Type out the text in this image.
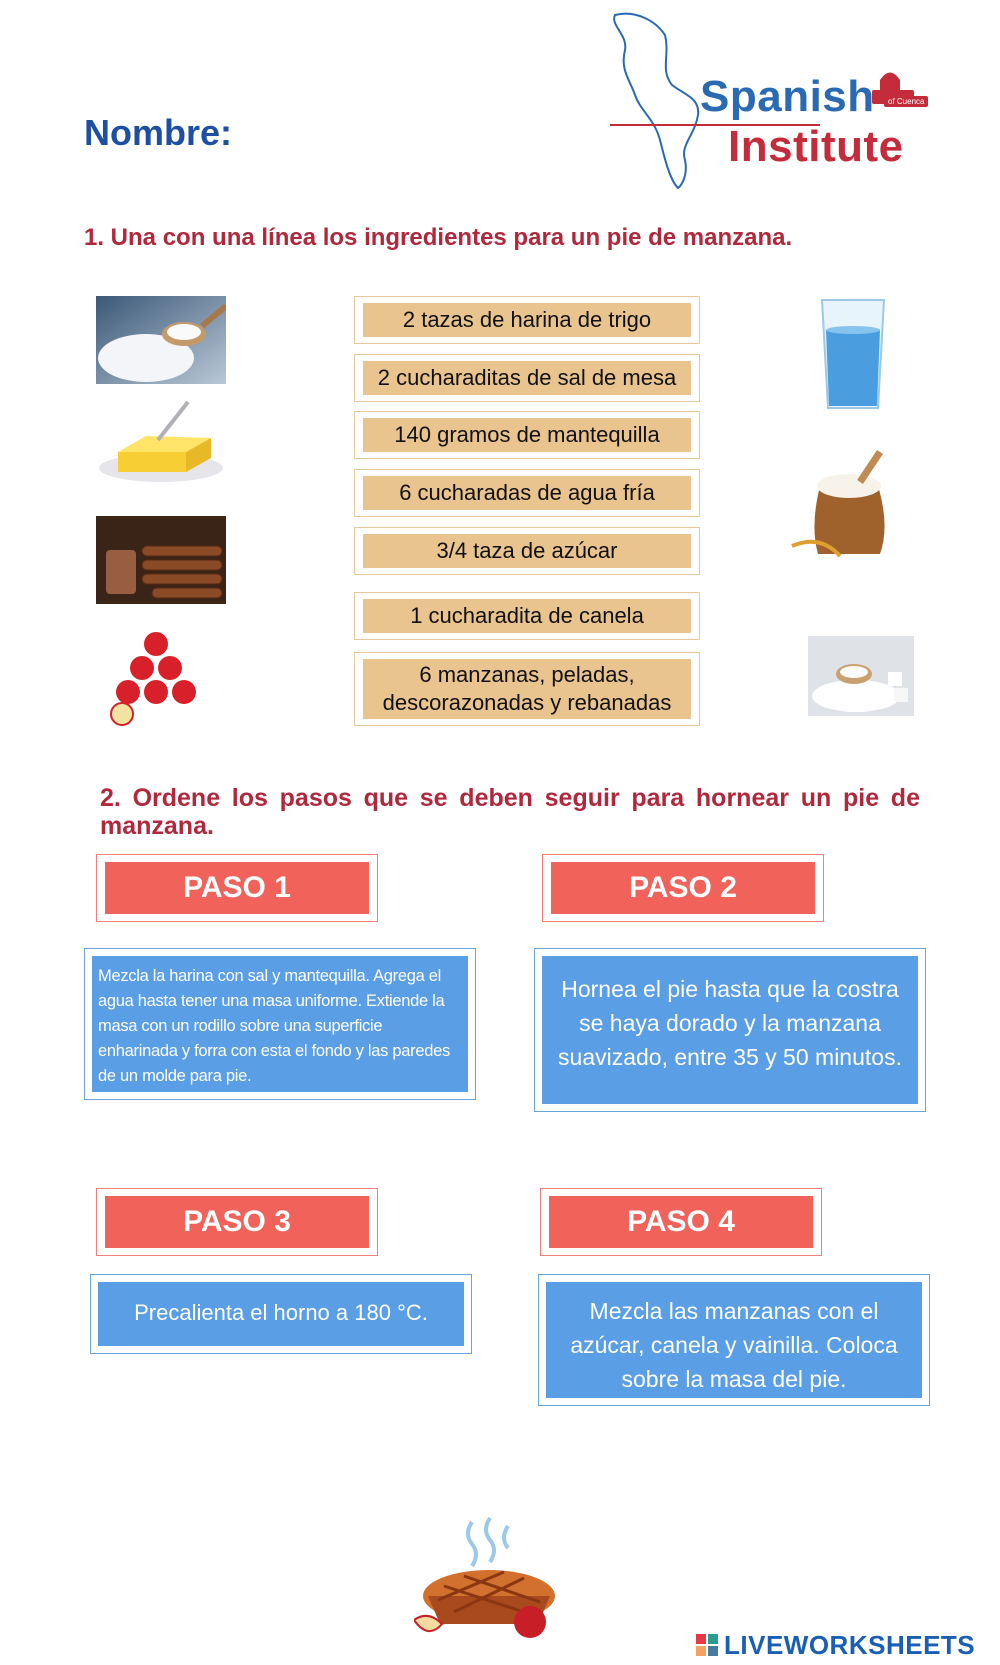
Nombre:
Spanish
Institute
of Cuenca
1. Una con una línea los ingredientes para un pie de manzana.
2 tazas de harina de trigo
2 cucharaditas de sal de mesa
140 gramos de mantequilla
6 cucharadas de agua fría
3/4 taza de azúcar
1 cucharadita de canela
6 manzanas, peladas,
descorazonadas y rebanadas
2. Ordene los pasos que se deben seguir para hornear un pie de manzana.
PASO 1	PASO 2
Mezcla la harina con sal y mantequilla. Agrega el agua hasta tener una masa uniforme. Extiende la masa con un rodillo sobre una superficie enharinada y forra con esta el fondo y las paredes de un molde para pie.
Hornea el pie hasta que la costra se haya dorado y la manzana suavizado, entre 35 y 50 minutos.
PASO 3	PASO 4
Precalienta el horno a 180 °C.	Mezcla las manzanas con el azúcar, canela y vainilla. Coloca sobre la masa del pie.
LIVEWORKSHEETS
